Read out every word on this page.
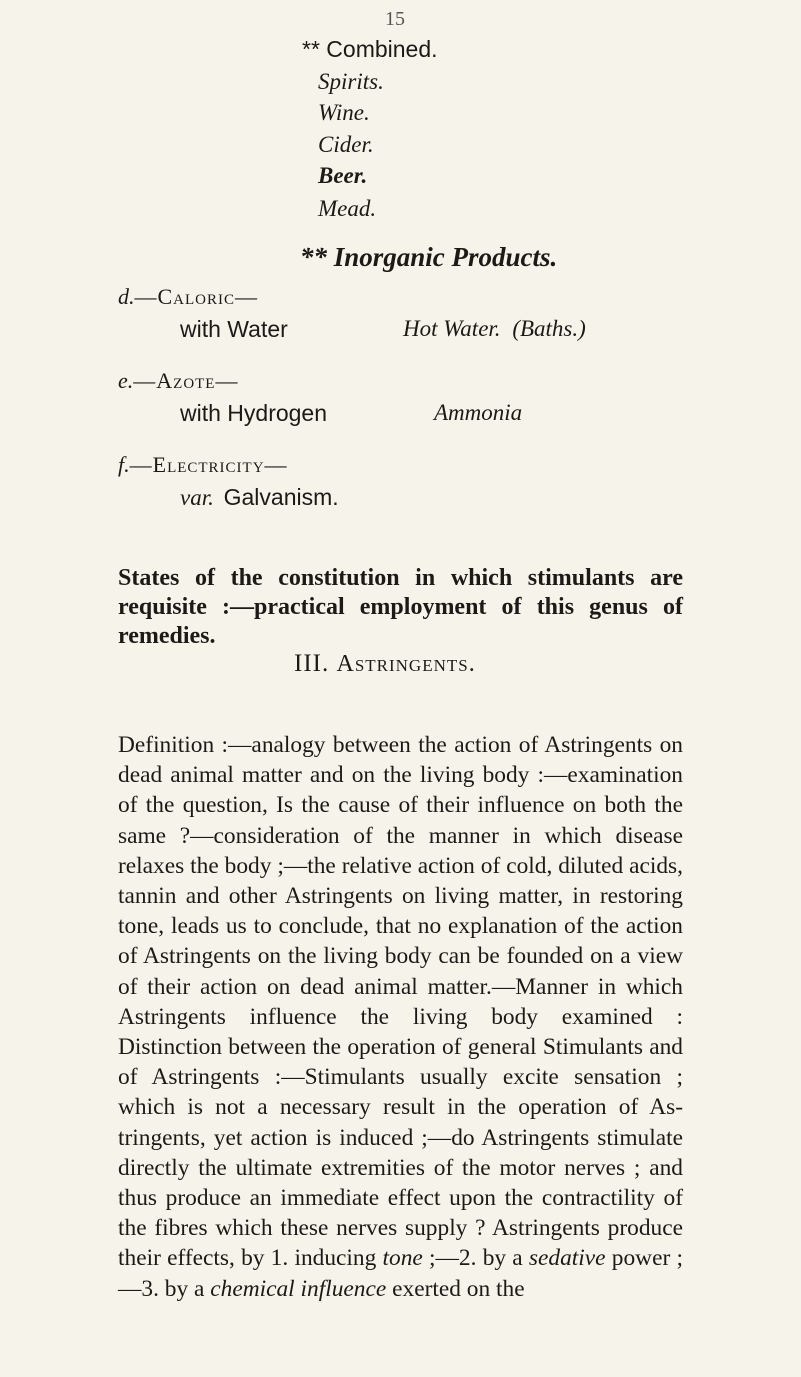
15
** Combined.
Spirits.
Wine.
Cider.
Beer.
Mead.
** Inorganic Products.
d.—Caloric—
with Water	Hot Water. (Baths.)
e.—Azote—
with Hydrogen	Ammonia
f.—Electricity—
var. Galvanism.
States of the constitution in which stimulants are requisite :—practical employment of this genus of remedies.
III. Astringents.
Definition :—analogy between the action of Astringents on dead animal matter and on the living body :—examination of the question, Is the cause of their influence on both the same ?—consideration of the manner in which disease relaxes the body ;—the relative action of cold, diluted acids, tannin and other Astringents on living matter, in restoring tone, leads us to conclude, that no explanation of the action of Astringents on the living body can be founded on a view of their action on dead animal matter.—Manner in which Astringents influence the living body examined : Distinction between the operation of general Stimulants and of Astringents :—Stimulants usually excite sensation ; which is not a necessary result in the operation of Astringents, yet action is induced ;—do Astringents stimulate directly the ultimate extremities of the motor nerves ; and thus produce an immediate effect upon the contractility of the fibres which these nerves supply ? Astringents produce their effects, by 1. inducing tone ;—2. by a sedative power ;—3. by a chemical influence exerted on the
